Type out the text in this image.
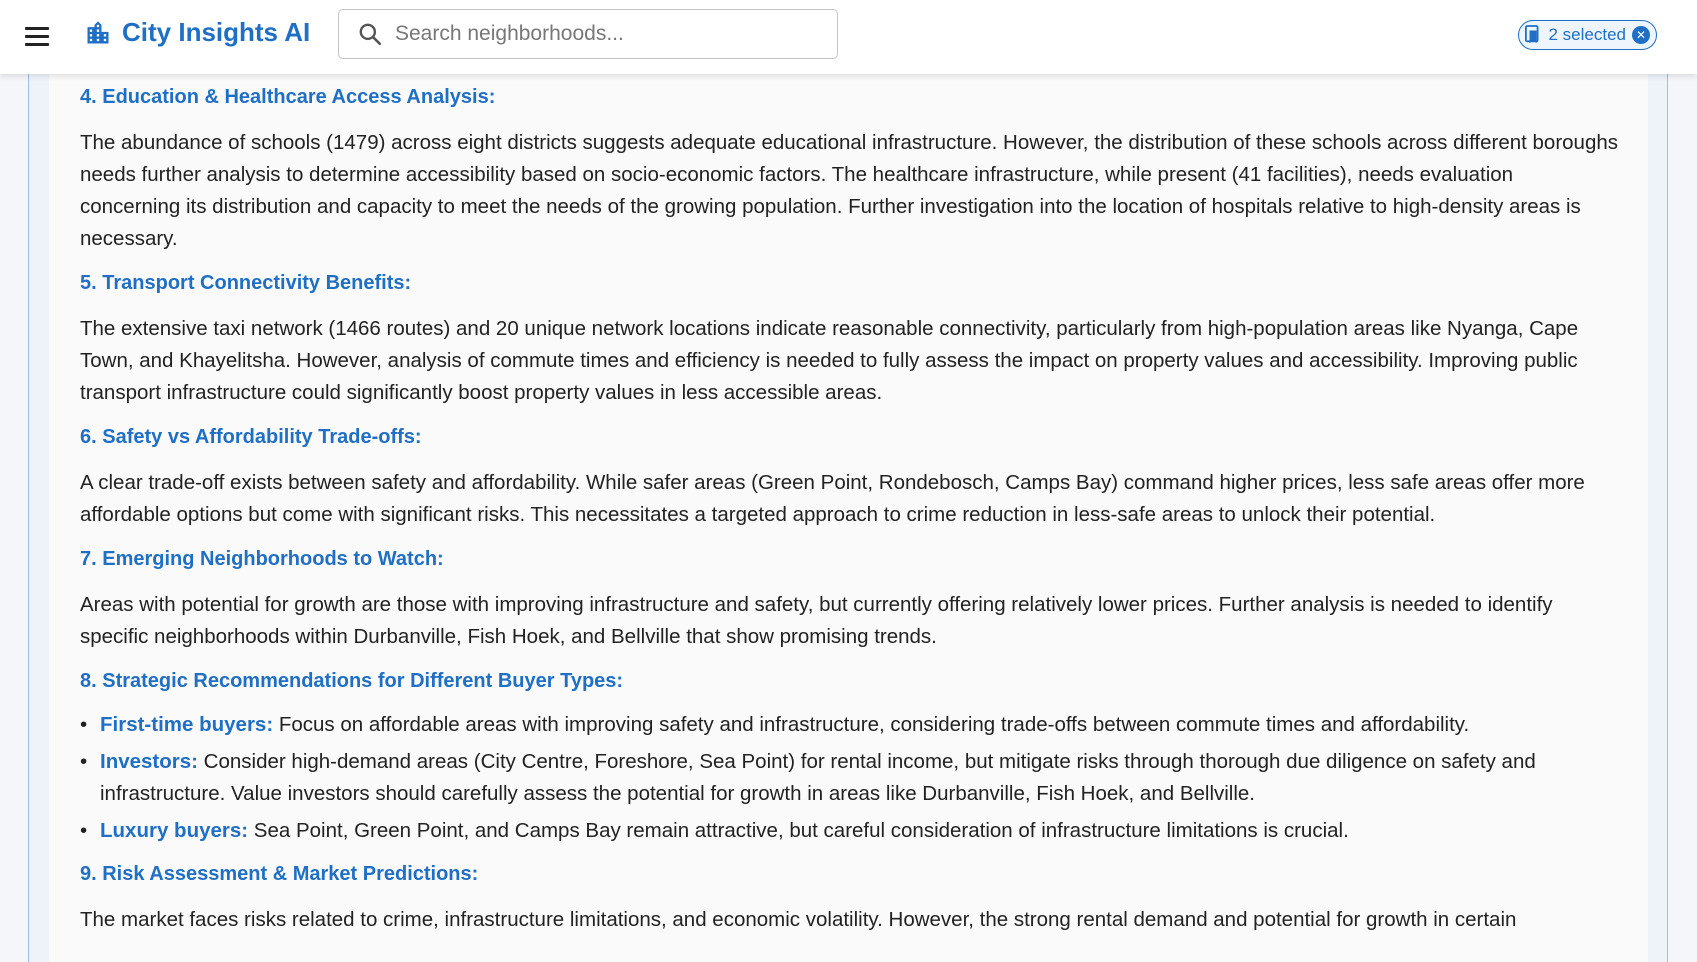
City Insights AI
Search neighborhoods...	2 selected ✕
4. Education & Healthcare Access Analysis:

The abundance of schools (1479) across eight districts suggests adequate educational infrastructure. However, the distribution of these schools across different boroughs needs further analysis to determine accessibility based on socio-economic factors. The healthcare infrastructure, while present (41 facilities), needs evaluation concerning its distribution and capacity to meet the needs of the growing population. Further investigation into the location of hospitals relative to high-density areas is necessary.

5. Transport Connectivity Benefits:

The extensive taxi network (1466 routes) and 20 unique network locations indicate reasonable connectivity, particularly from high-population areas like Nyanga, Cape Town, and Khayelitsha. However, analysis of commute times and efficiency is needed to fully assess the impact on property values and accessibility. Improving public transport infrastructure could significantly boost property values in less accessible areas.

6. Safety vs Affordability Trade-offs:

A clear trade-off exists between safety and affordability. While safer areas (Green Point, Rondebosch, Camps Bay) command higher prices, less safe areas offer more affordable options but come with significant risks. This necessitates a targeted approach to crime reduction in less-safe areas to unlock their potential.

7. Emerging Neighborhoods to Watch:

Areas with potential for growth are those with improving infrastructure and safety, but currently offering relatively lower prices. Further analysis is needed to identify specific neighborhoods within Durbanville, Fish Hoek, and Bellville that show promising trends.

8. Strategic Recommendations for Different Buyer Types:
• First-time buyers: Focus on affordable areas with improving safety and infrastructure, considering trade-offs between commute times and affordability.
• Investors: Consider high-demand areas (City Centre, Foreshore, Sea Point) for rental income, but mitigate risks through thorough due diligence on safety and infrastructure. Value investors should carefully assess the potential for growth in areas like Durbanville, Fish Hoek, and Bellville.
• Luxury buyers: Sea Point, Green Point, and Camps Bay remain attractive, but careful consideration of infrastructure limitations is crucial.
9. Risk Assessment & Market Predictions:

The market faces risks related to crime, infrastructure limitations, and economic volatility. However, the strong rental demand and potential for growth in certain
